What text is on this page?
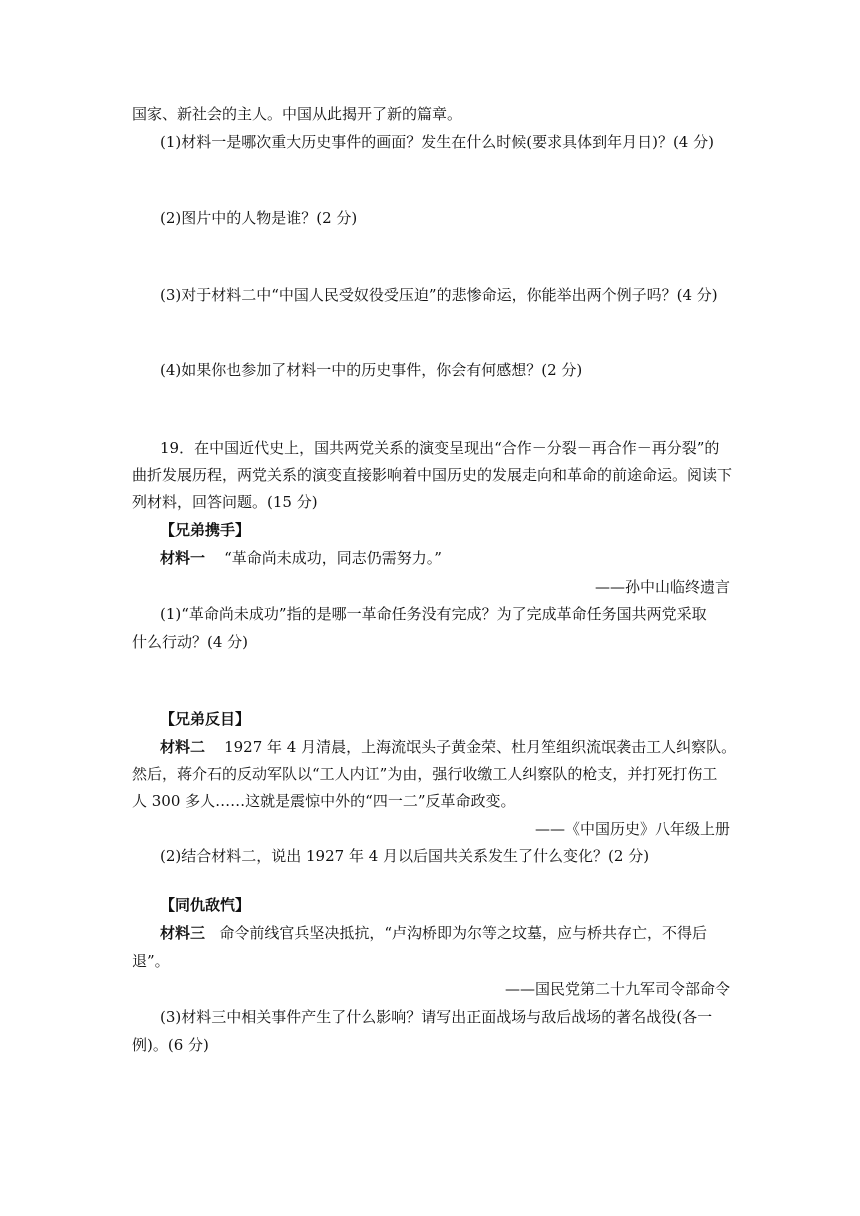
国家、新社会的主人。中国从此揭开了新的篇章。
(1)材料一是哪次重大历史事件的画面？发生在什么时候(要求具体到年月日)？(4 分)
(2)图片中的人物是谁？(2 分)
(3)对于材料二中“中国人民受奴役受压迫”的悲惨命运，你能举出两个例子吗？(4 分)
(4)如果你也参加了材料一中的历史事件，你会有何感想？(2 分)
19．在中国近代史上，国共两党关系的演变呈现出“合作－分裂－再合作－再分裂”的
曲折发展历程，两党关系的演变直接影响着中国历史的发展走向和革命的前途命运。阅读下
列材料，回答问题。(15 分)
【兄弟携手】
材料一 “革命尚未成功，同志仍需努力。”
——孙中山临终遗言
(1)“革命尚未成功”指的是哪一革命任务没有完成？为了完成革命任务国共两党采取
什么行动？(4 分)
【兄弟反目】
材料二 1927 年 4 月清晨，上海流氓头子黄金荣、杜月笙组织流氓袭击工人纠察队。
然后，蒋介石的反动军队以“工人内讧”为由，强行收缴工人纠察队的枪支，并打死打伤工
人 300 多人……这就是震惊中外的“四一二”反革命政变。
——《中国历史》八年级上册
(2)结合材料二，说出 1927 年 4 月以后国共关系发生了什么变化？(2 分)
【同仇敌忾】
材料三 命令前线官兵坚决抵抗，“卢沟桥即为尔等之坟墓，应与桥共存亡，不得后
退”。
——国民党第二十九军司令部命令
(3)材料三中相关事件产生了什么影响？请写出正面战场与敌后战场的著名战役(各一
例)。(6 分)
